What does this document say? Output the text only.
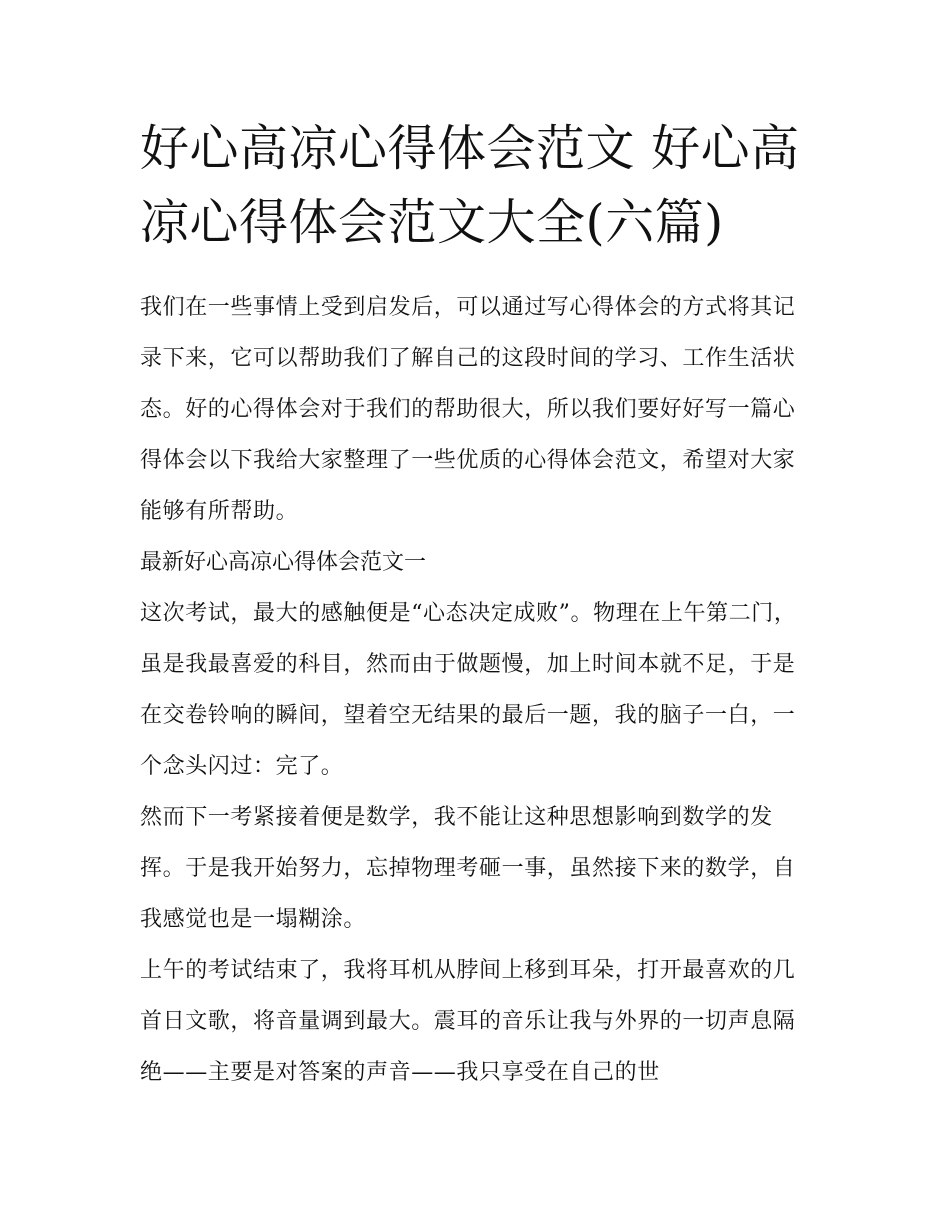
好心高凉心得体会范文 好心高凉心得体会范文大全(六篇)

我们在一些事情上受到启发后，可以通过写心得体会的方式将其记录下来，它可以帮助我们了解自己的这段时间的学习、工作生活状态。好的心得体会对于我们的帮助很大，所以我们要好好写一篇心得体会以下我给大家整理了一些优质的心得体会范文，希望对大家能够有所帮助。

最新好心高凉心得体会范文一

这次考试，最大的感触便是“心态决定成败”。物理在上午第二门，虽是我最喜爱的科目，然而由于做题慢，加上时间本就不足，于是在交卷铃响的瞬间，望着空无结果的最后一题，我的脑子一白，一个念头闪过：完了。

然而下一考紧接着便是数学，我不能让这种思想影响到数学的发挥。于是我开始努力，忘掉物理考砸一事，虽然接下来的数学，自我感觉也是一塌糊涂。

上午的考试结束了，我将耳机从脖间上移到耳朵，打开最喜欢的几首日文歌，将音量调到最大。震耳的音乐让我与外界的一切声息隔绝——主要是对答案的声音——我只享受在自己的世
